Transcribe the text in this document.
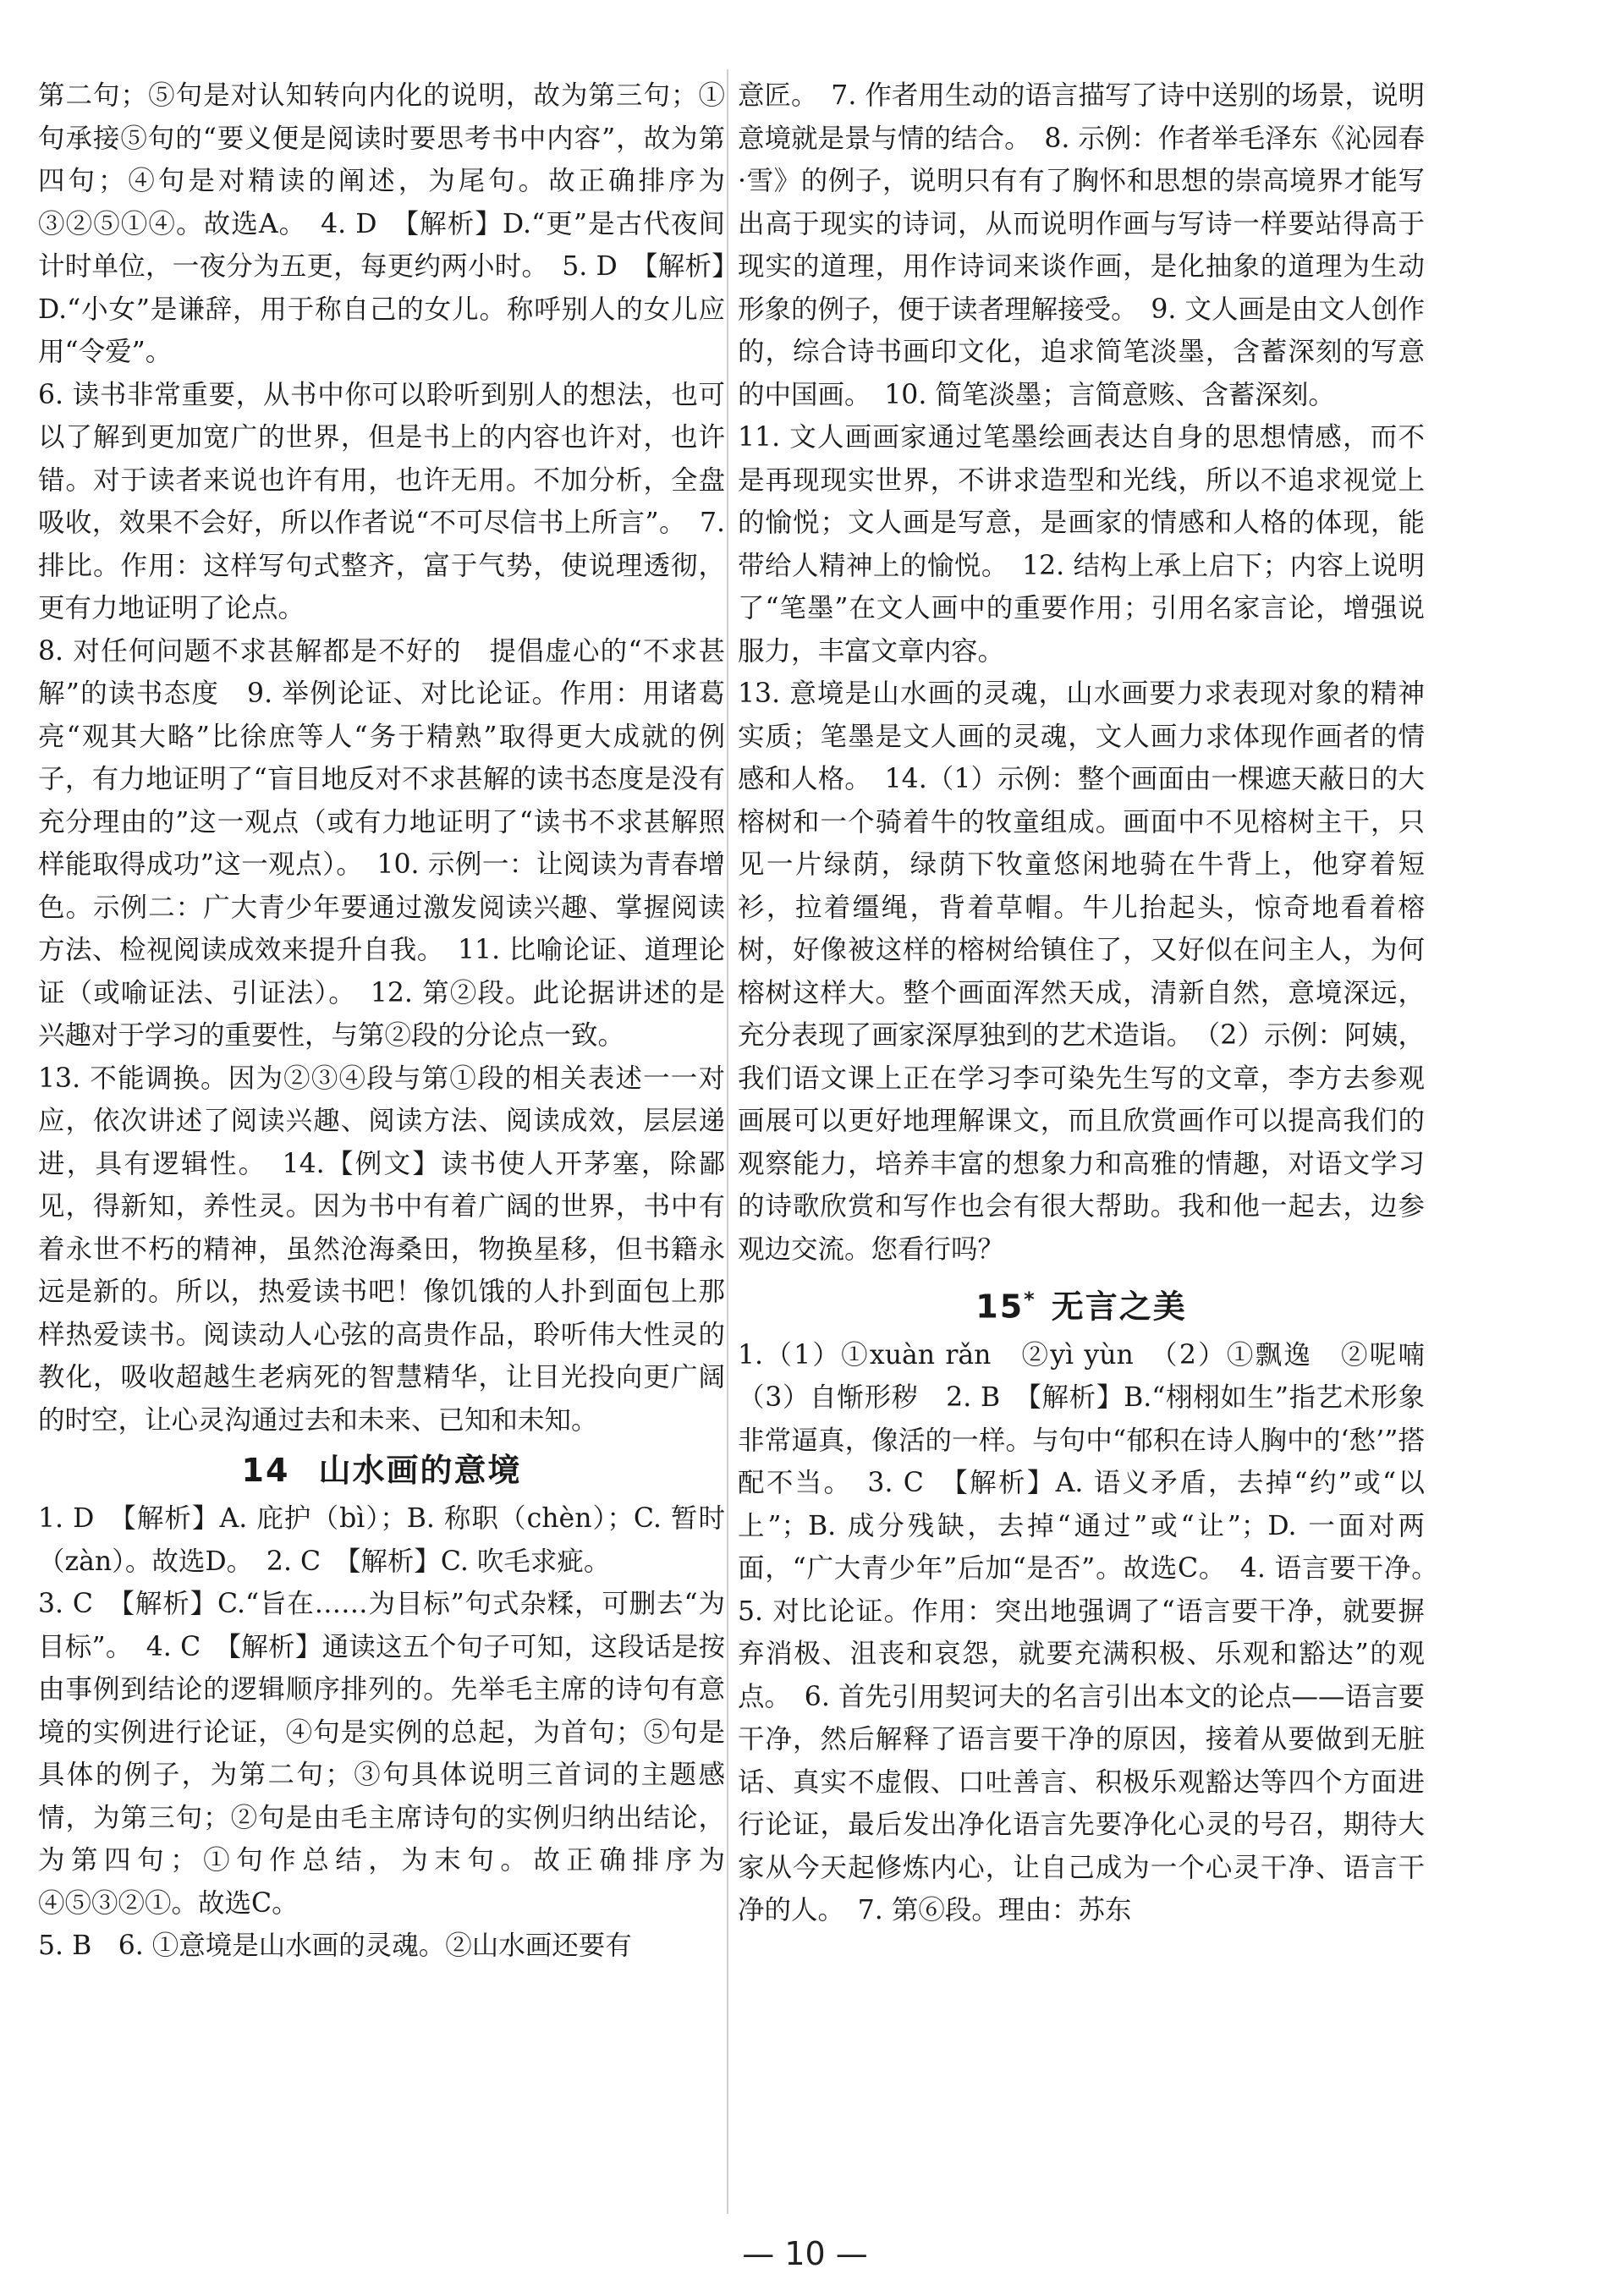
第二句；⑤句是对认知转向内化的说明，故为第三句；①句承接⑤句的“要义便是阅读时要思考书中内容”，故为第四句；④句是对精读的阐述，为尾句。故正确排序为③②⑤①④。故选A。　4. D　【解析】D.“更”是古代夜间计时单位，一夜分为五更，每更约两小时。　5. D　【解析】D.“小女”是谦辞，用于称自己的女儿。称呼别人的女儿应用“令爱”。

6. 读书非常重要，从书中你可以聆听到别人的想法，也可以了解到更加宽广的世界，但是书上的内容也许对，也许错。对于读者来说也许有用，也许无用。不加分析，全盘吸收，效果不会好，所以作者说“不可尽信书上所言”。　7. 排比。作用：这样写句式整齐，富于气势，使说理透彻，更有力地证明了论点。

8. 对任何问题不求甚解都是不好的　提倡虚心的“不求甚解”的读书态度　9. 举例论证、对比论证。作用：用诸葛亮“观其大略”比徐庶等人“务于精熟”取得更大成就的例子，有力地证明了“盲目地反对不求甚解的读书态度是没有充分理由的”这一观点（或有力地证明了“读书不求甚解照样能取得成功”这一观点）。　10. 示例一：让阅读为青春增色。示例二：广大青少年要通过激发阅读兴趣、掌握阅读方法、检视阅读成效来提升自我。　11. 比喻论证、道理论证（或喻证法、引证法）。　12. 第②段。此论据讲述的是兴趣对于学习的重要性，与第②段的分论点一致。

13. 不能调换。因为②③④段与第①段的相关表述一一对应，依次讲述了阅读兴趣、阅读方法、阅读成效，层层递进，具有逻辑性。　14.【例文】读书使人开茅塞，除鄙见，得新知，养性灵。因为书中有着广阔的世界，书中有着永世不朽的精神，虽然沧海桑田，物换星移，但书籍永远是新的。所以，热爱读书吧！像饥饿的人扑到面包上那样热爱读书。阅读动人心弦的高贵作品，聆听伟大性灵的教化，吸收超越生老病死的智慧精华，让目光投向更广阔的时空，让心灵沟通过去和未来、已知和未知。

14 山水画的意境

1. D　【解析】A. 庇护（bì）；B. 称职（chèn）；C. 暂时（zàn）。故选D。　2. C　【解析】C. 吹毛求疵。

3. C　【解析】C.“旨在……为目标”句式杂糅，可删去“为目标”。　4. C　【解析】通读这五个句子可知，这段话是按由事例到结论的逻辑顺序排列的。先举毛主席的诗句有意境的实例进行论证，④句是实例的总起，为首句；⑤句是具体的例子，为第二句；③句具体说明三首词的主题感情，为第三句；②句是由毛主席诗句的实例归纳出结论，为第四句；①句作总结，为末句。故正确排序为④⑤③②①。故选C。

5. B　6. ①意境是山水画的灵魂。②山水画还要有

意匠。　7. 作者用生动的语言描写了诗中送别的场景，说明意境就是景与情的结合。　8. 示例：作者举毛泽东《沁园春·雪》的例子，说明只有有了胸怀和思想的崇高境界才能写出高于现实的诗词，从而说明作画与写诗一样要站得高于现实的道理，用作诗词来谈作画，是化抽象的道理为生动形象的例子，便于读者理解接受。　9. 文人画是由文人创作的，综合诗书画印文化，追求简笔淡墨，含蓄深刻的写意的中国画。　10. 简笔淡墨；言简意赅、含蓄深刻。

11. 文人画画家通过笔墨绘画表达自身的思想情感，而不是再现现实世界，不讲求造型和光线，所以不追求视觉上的愉悦；文人画是写意，是画家的情感和人格的体现，能带给人精神上的愉悦。　12. 结构上承上启下；内容上说明了“笔墨”在文人画中的重要作用；引用名家言论，增强说服力，丰富文章内容。

13. 意境是山水画的灵魂，山水画要力求表现对象的精神实质；笔墨是文人画的灵魂，文人画力求体现作画者的情感和人格。　14.（1）示例：整个画面由一棵遮天蔽日的大榕树和一个骑着牛的牧童组成。画面中不见榕树主干，只见一片绿荫，绿荫下牧童悠闲地骑在牛背上，他穿着短衫，拉着缰绳，背着草帽。牛儿抬起头，惊奇地看着榕树，好像被这样的榕树给镇住了，又好似在问主人，为何榕树这样大。整个画面浑然天成，清新自然，意境深远，充分表现了画家深厚独到的艺术造诣。　（2）示例：阿姨，我们语文课上正在学习李可染先生写的文章，李方去参观画展可以更好地理解课文，而且欣赏画作可以提高我们的观察能力，培养丰富的想象力和高雅的情趣，对语文学习的诗歌欣赏和写作也会有很大帮助。我和他一起去，边参观边交流。您看行吗？

15* 无言之美

1.（1）①xuàn rǎn　②yì yùn　（2）①飘逸　②呢喃（3）自惭形秽　2. B　【解析】B.“栩栩如生”指艺术形象非常逼真，像活的一样。与句中“郁积在诗人胸中的‘愁’”搭配不当。　3. C　【解析】A. 语义矛盾，去掉“约”或“以上”；B. 成分残缺，去掉“通过”或“让”；D. 一面对两面，“广大青少年”后加“是否”。故选C。　4. 语言要干净。　5. 对比论证。作用：突出地强调了“语言要干净，就要摒弃消极、沮丧和哀怨，就要充满积极、乐观和豁达”的观点。　6. 首先引用契诃夫的名言引出本文的论点——语言要干净，然后解释了语言要干净的原因，接着从要做到无脏话、真实不虚假、口吐善言、积极乐观豁达等四个方面进行论证，最后发出净化语言先要净化心灵的号召，期待大家从今天起修炼内心，让自己成为一个心灵干净、语言干净的人。　7. 第⑥段。理由：苏东

— 10 —
